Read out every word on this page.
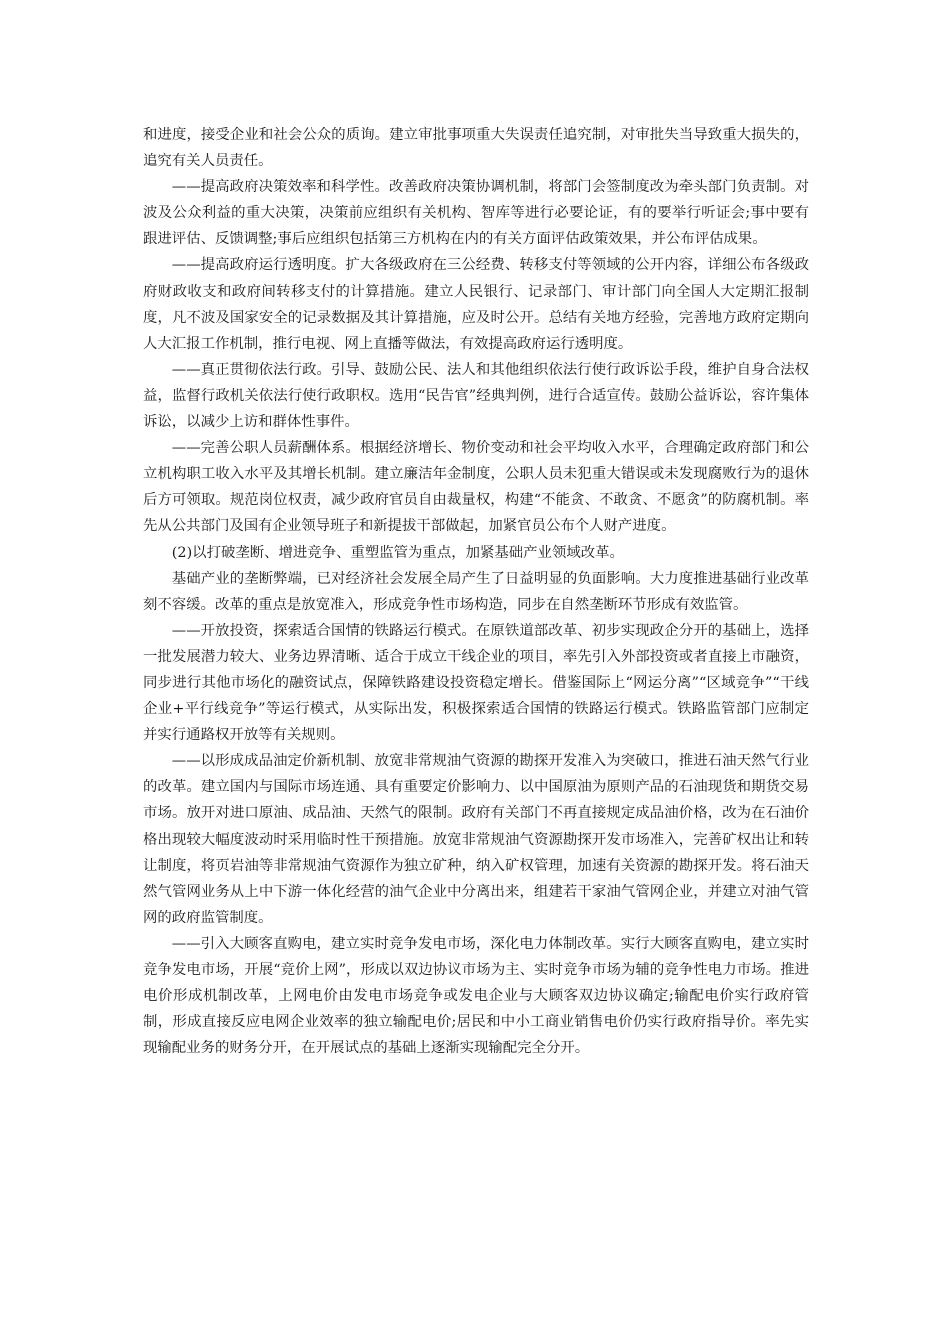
和进度，接受企业和社会公众的质询。建立审批事项重大失误责任追究制，对审批失当导致重大损失的，追究有关人员责任。

——提高政府决策效率和科学性。改善政府决策协调机制，将部门会签制度改为牵头部门负责制。对波及公众利益的重大决策，决策前应组织有关机构、智库等进行必要论证，有的要举行听证会;事中要有跟进评估、反馈调整;事后应组织包括第三方机构在内的有关方面评估政策效果，并公布评估成果。

——提高政府运行透明度。扩大各级政府在三公经费、转移支付等领域的公开内容，详细公布各级政府财政收支和政府间转移支付的计算措施。建立人民银行、记录部门、审计部门向全国人大定期汇报制度，凡不波及国家安全的记录数据及其计算措施，应及时公开。总结有关地方经验，完善地方政府定期向人大汇报工作机制，推行电视、网上直播等做法，有效提高政府运行透明度。

——真正贯彻依法行政。引导、鼓励公民、法人和其他组织依法行使行政诉讼手段，维护自身合法权益，监督行政机关依法行使行政职权。选用“民告官”经典判例，进行合适宣传。鼓励公益诉讼，容许集体诉讼，以减少上访和群体性事件。

——完善公职人员薪酬体系。根据经济增长、物价变动和社会平均收入水平，合理确定政府部门和公立机构职工收入水平及其增长机制。建立廉洁年金制度，公职人员未犯重大错误或未发现腐败行为的退休后方可领取。规范岗位权责，减少政府官员自由裁量权，构建“不能贪、不敢贪、不愿贪”的防腐机制。率先从公共部门及国有企业领导班子和新提拔干部做起，加紧官员公布个人财产进度。

(2)以打破垄断、增进竞争、重塑监管为重点，加紧基础产业领域改革。

基础产业的垄断弊端，已对经济社会发展全局产生了日益明显的负面影响。大力度推进基础行业改革刻不容缓。改革的重点是放宽准入，形成竞争性市场构造，同步在自然垄断环节形成有效监管。

——开放投资，探索适合国情的铁路运行模式。在原铁道部改革、初步实现政企分开的基础上，选择一批发展潜力较大、业务边界清晰、适合于成立干线企业的项目，率先引入外部投资或者直接上市融资，同步进行其他市场化的融资试点，保障铁路建设投资稳定增长。借鉴国际上“网运分离”“区域竞争”“干线企业+平行线竞争”等运行模式，从实际出发，积极探索适合国情的铁路运行模式。铁路监管部门应制定并实行通路权开放等有关规则。

——以形成成品油定价新机制、放宽非常规油气资源的勘探开发准入为突破口，推进石油天然气行业的改革。建立国内与国际市场连通、具有重要定价影响力、以中国原油为原则产品的石油现货和期货交易市场。放开对进口原油、成品油、天然气的限制。政府有关部门不再直接规定成品油价格，改为在石油价格出现较大幅度波动时采用临时性干预措施。放宽非常规油气资源勘探开发市场准入，完善矿权出让和转让制度，将页岩油等非常规油气资源作为独立矿种，纳入矿权管理，加速有关资源的勘探开发。将石油天然气管网业务从上中下游一体化经营的油气企业中分离出来，组建若干家油气管网企业，并建立对油气管网的政府监管制度。

——引入大顾客直购电，建立实时竞争发电市场，深化电力体制改革。实行大顾客直购电，建立实时竞争发电市场，开展“竞价上网”，形成以双边协议市场为主、实时竞争市场为辅的竞争性电力市场。推进电价形成机制改革，上网电价由发电市场竞争或发电企业与大顾客双边协议确定;输配电价实行政府管制，形成直接反应电网企业效率的独立输配电价;居民和中小工商业销售电价仍实行政府指导价。率先实现输配业务的财务分开，在开展试点的基础上逐渐实现输配完全分开。
